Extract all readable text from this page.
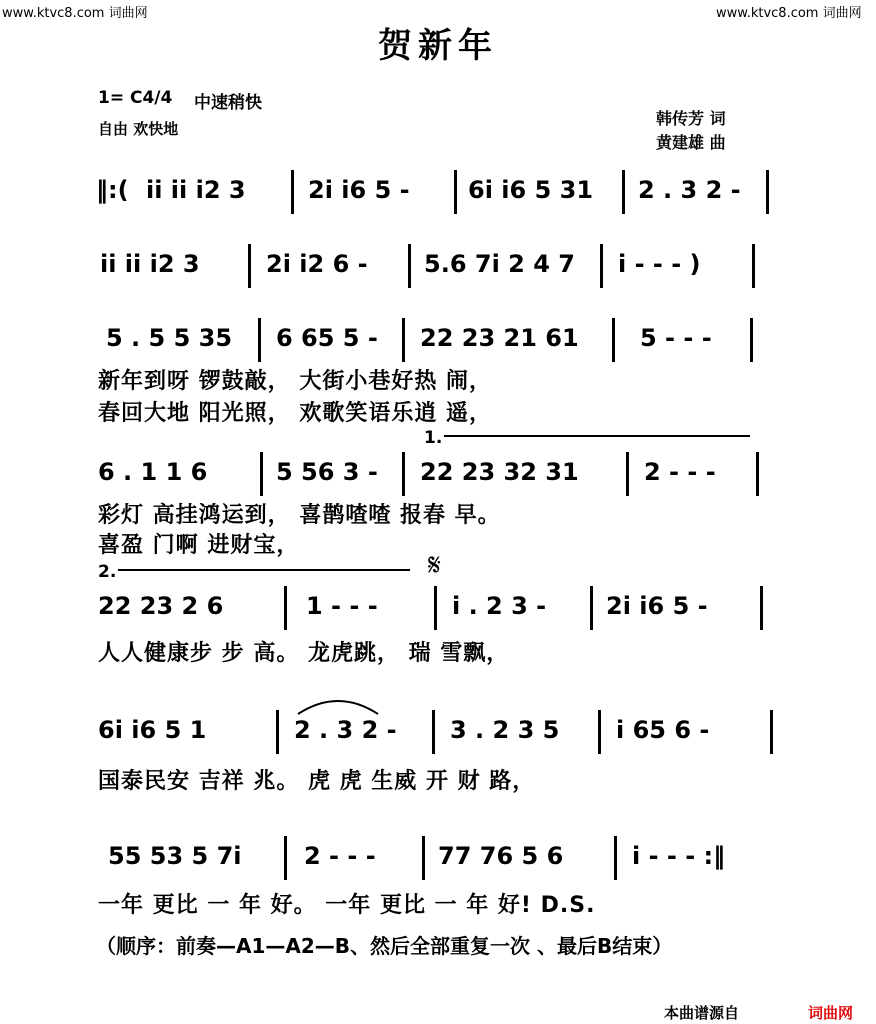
www.ktvc8.com 词曲网	www.ktvc8.com 词曲网
贺新年
1= C4/4 中速稍快
自由 欢快地
韩传芳 词
黄建雄 曲
‖:( ii ii i2 3	2i i6 5 - 6i i6 5 31 2 . 3 2 -
ii ii i2 3	2i i2 6 - 5.6 7i 2 4 7 i - - - )
5 . 5 5 35 6 65 5 - 22 23 21 61	5 - - -
新年到呀 锣鼓敲， 大街小巷好热 闹，
春回大地 阳光照， 欢歌笑语乐逍 遥，
1.
6 . 1 1 6	5 56 3 - 22 23 32 31	2 - - -
彩灯 高挂鸿运到， 喜鹊喳喳 报春 早。
喜盈 门啊 进财宝，
2.	𝄋
22 23 2 6	1 - - -	i . 2 3 - 2i i6 5 -
人人健康步 步 高。 龙虎跳， 瑞 雪飘，
6i i6 5 1	2 . 3 2 - 3 . 2 3 5 i 65 6 -
国泰民安 吉祥 兆。 虎 虎 生威 开 财 路，
55 53 5 7i	2 - - -	77 76 5 6	i - - - :‖
一年 更比 一 年 好。 一年 更比 一 年 好! D.S.
（顺序：前奏—A1—A2—B、然后全部重复一次 、最后B结束）
本曲谱源自	词曲网
